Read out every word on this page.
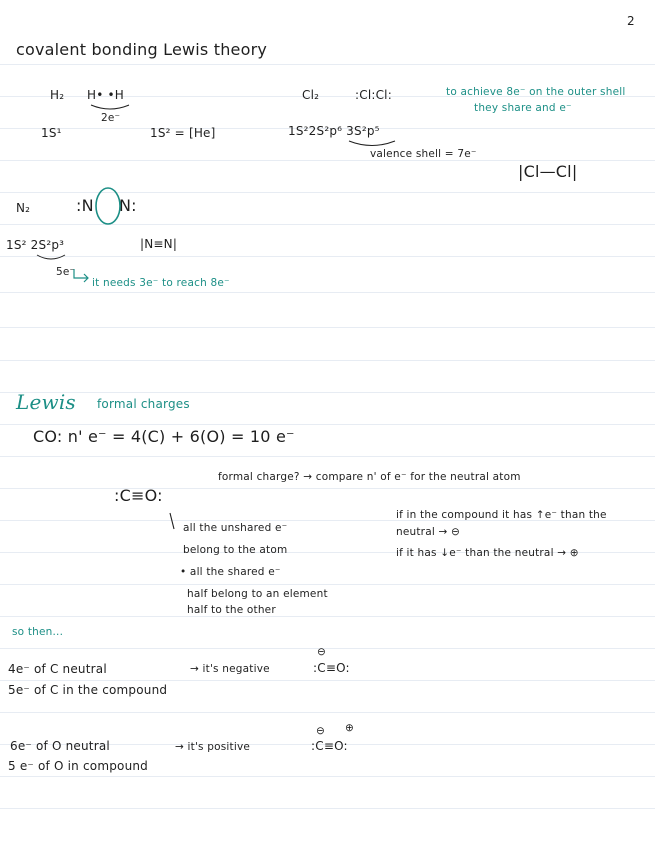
2
covalent bonding Lewis theory
H₂ H• •H
2e⁻
1S¹	1S² = [He]
Cl₂	:Cl:Cl:	to achieve 8e⁻ on the outer shell
they share and e⁻
1S²2S²p⁶ 3S²p⁵
valence shell = 7e⁻
|Cl—Cl|
N₂	:N N:
1S² 2S²p³
5e⁻
it needs 3e⁻ to reach 8e⁻
|N≡N|
Lewis formal charges
CO: n' e⁻ = 4(C) + 6(O) = 10 e⁻
formal charge? → compare n' of e⁻ for the neutral atom
:C≡O:
all the unshared e⁻
belong to the atom
• all the shared e⁻
half belong to an element
half to the other
if in the compound it has ↑e⁻ than the
neutral → ⊖
if it has ↓e⁻ than the neutral → ⊕
so then...
4e⁻ of C neutral
5e⁻ of C in the compound
→ it's negative
⊖
:C≡O:
6e⁻ of O neutral
5 e⁻ of O in compound
→ it's positive
⊖ ⊕
:C≡O:
